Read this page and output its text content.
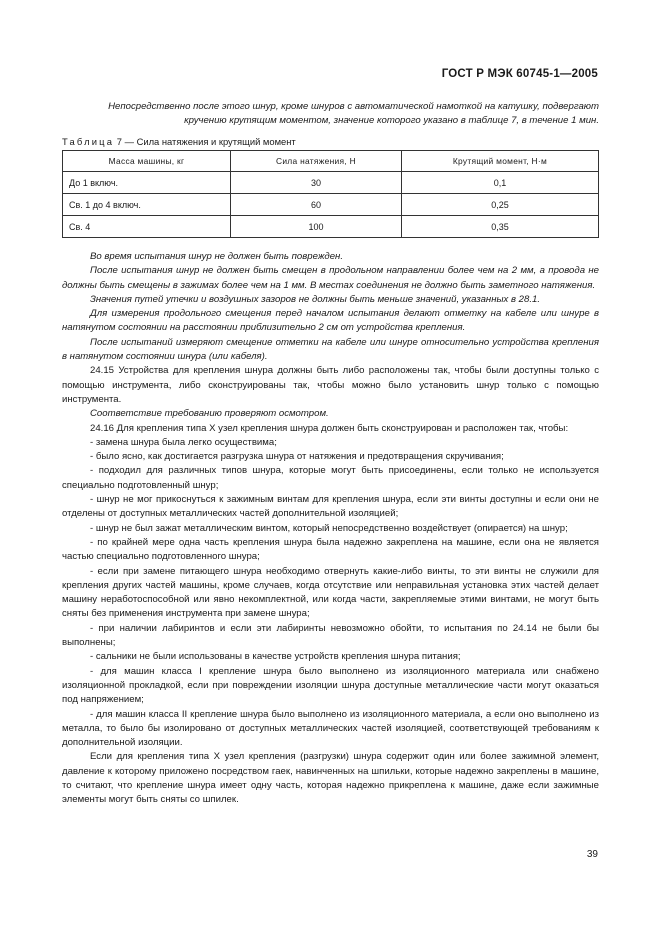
ГОСТ Р МЭК 60745-1—2005

Непосредственно после этого шнур, кроме шнуров с автоматической намоткой на катушку, подвергают кручению крутящим моментом, значение которого указано в таблице 7, в течение 1 мин.

Таблица 7 — Сила натяжения и крутящий момент
Масса машины, кг	Сила натяжения, Н	Крутящий момент, Н·м
До 1 включ.	30	0,1
Св. 1 до 4 включ.	60	0,25
Св. 4	100	0,35

Во время испытания шнур не должен быть поврежден.

После испытания шнур не должен быть смещен в продольном направлении более чем на 2 мм, а провода не должны быть смещены в зажимах более чем на 1 мм. В местах соединения не должно быть заметного натяжения.

Значения путей утечки и воздушных зазоров не должны быть меньше значений, указанных в 28.1.

Для измерения продольного смещения перед началом испытания делают отметку на кабеле или шнуре в натянутом состоянии на расстоянии приблизительно 2 см от устройства крепления.

После испытаний измеряют смещение отметки на кабеле или шнуре относительно устройства крепления в натянутом состоянии шнура (или кабеля).

24.15 Устройства для крепления шнура должны быть либо расположены так, чтобы были доступны только с помощью инструмента, либо сконструированы так, чтобы можно было установить шнур только с помощью инструмента.

Соответствие требованию проверяют осмотром.

24.16 Для крепления типа Х узел крепления шнура должен быть сконструирован и расположен так, чтобы:

- замена шнура была легко осуществима;

- было ясно, как достигается разгрузка шнура от натяжения и предотвращения скручивания;

- подходил для различных типов шнура, которые могут быть присоединены, если только не используется специально подготовленный шнур;

- шнур не мог прикоснуться к зажимным винтам для крепления шнура, если эти винты доступны и если они не отделены от доступных металлических частей дополнительной изоляцией;

- шнур не был зажат металлическим винтом, который непосредственно воздействует (опирается) на шнур;

- по крайней мере одна часть крепления шнура была надежно закреплена на машине, если она не является частью специально подготовленного шнура;

- если при замене питающего шнура необходимо отвернуть какие-либо винты, то эти винты не служили для крепления других частей машины, кроме случаев, когда отсутствие или неправильная установка этих частей делает машину неработоспособной или явно некомплектной, или когда части, закрепляемые этими винтами, не могут быть сняты без применения инструмента при замене шнура;

- при наличии лабиринтов и если эти лабиринты невозможно обойти, то испытания по 24.14 не были бы выполнены;

- сальники не были использованы в качестве устройств крепления шнура питания;

- для машин класса I крепление шнура было выполнено из изоляционного материала или снабжено изоляционной прокладкой, если при повреждении изоляции шнура доступные металлические части могут оказаться под напряжением;

- для машин класса II крепление шнура было выполнено из изоляционного материала, а если оно выполнено из металла, то было бы изолировано от доступных металлических частей изоляцией, соответствующей требованиям к дополнительной изоляции.

Если для крепления типа Х узел крепления (разгрузки) шнура содержит один или более зажимной элемент, давление к которому приложено посредством гаек, навинченных на шпильки, которые надежно закреплены в машине, то считают, что крепление шнура имеет одну часть, которая надежно прикреплена к машине, даже если зажимные элементы могут быть сняты со шпилек.

39
